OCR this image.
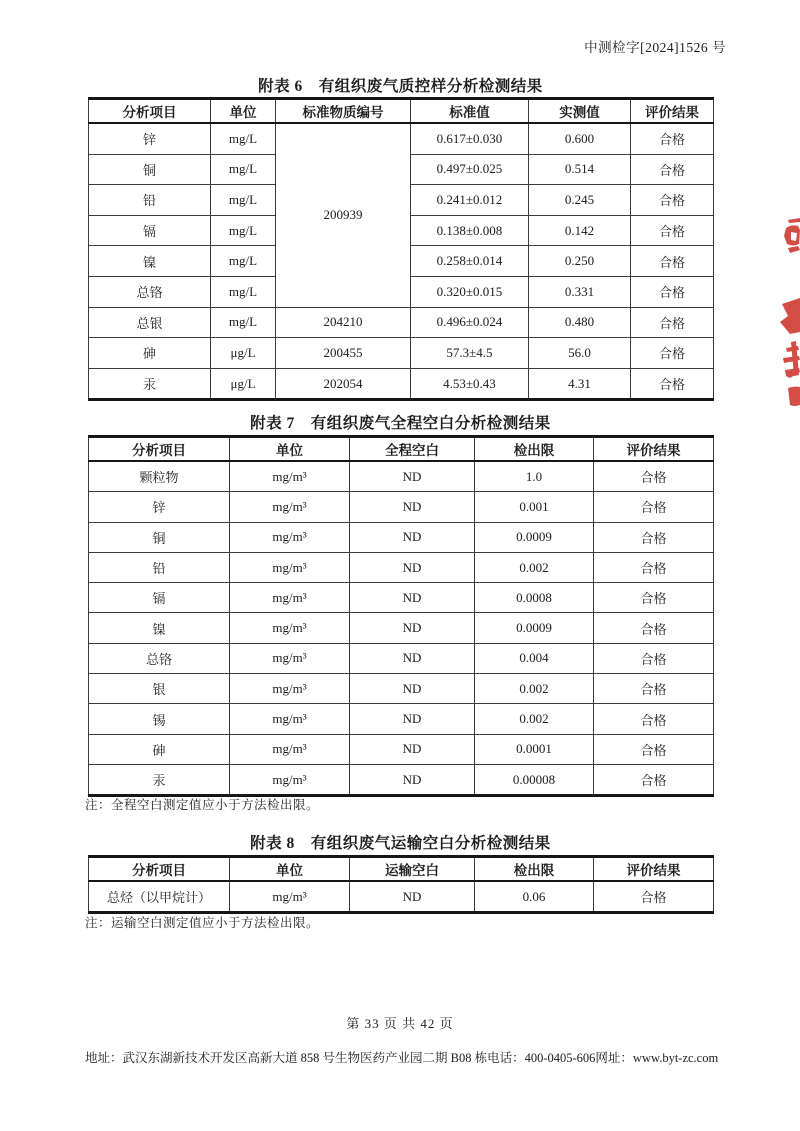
中测检字[2024]1526 号
附表 6　有组织废气质控样分析检测结果
分析项目	单位	标准物质编号	标准值	实测值	评价结果
锌	mg/L	200939	0.617±0.030	0.600	合格
铜	mg/L		0.497±0.025	0.514	合格
铅	mg/L		0.241±0.012	0.245	合格
镉	mg/L		0.138±0.008	0.142	合格
镍	mg/L		0.258±0.014	0.250	合格
总铬	mg/L		0.320±0.015	0.331	合格
总银	mg/L	204210	0.496±0.024	0.480	合格
砷	μg/L	200455	57.3±4.5	56.0	合格
汞	μg/L	202054	4.53±0.43	4.31	合格
附表 7　有组织废气全程空白分析检测结果
分析项目	单位	全程空白	检出限	评价结果
颗粒物	mg/m³	ND	1.0	合格
锌	mg/m³	ND	0.001	合格
铜	mg/m³	ND	0.0009	合格
铅	mg/m³	ND	0.002	合格
镉	mg/m³	ND	0.0008	合格
镍	mg/m³	ND	0.0009	合格
总铬	mg/m³	ND	0.004	合格
银	mg/m³	ND	0.002	合格
锡	mg/m³	ND	0.002	合格
砷	mg/m³	ND	0.0001	合格
汞	mg/m³	ND	0.00008	合格
注：全程空白测定值应小于方法检出限。
附表 8　有组织废气运输空白分析检测结果
分析项目	单位	运输空白	检出限	评价结果
总烃（以甲烷计）	mg/m³	ND	0.06	合格
注：运输空白测定值应小于方法检出限。
第 33 页 共 42 页
地址：武汉东湖新技术开发区高新大道 858 号生物医药产业园二期 B08 栋 电话：400-0405-606 网址：www.byt-zc.com
